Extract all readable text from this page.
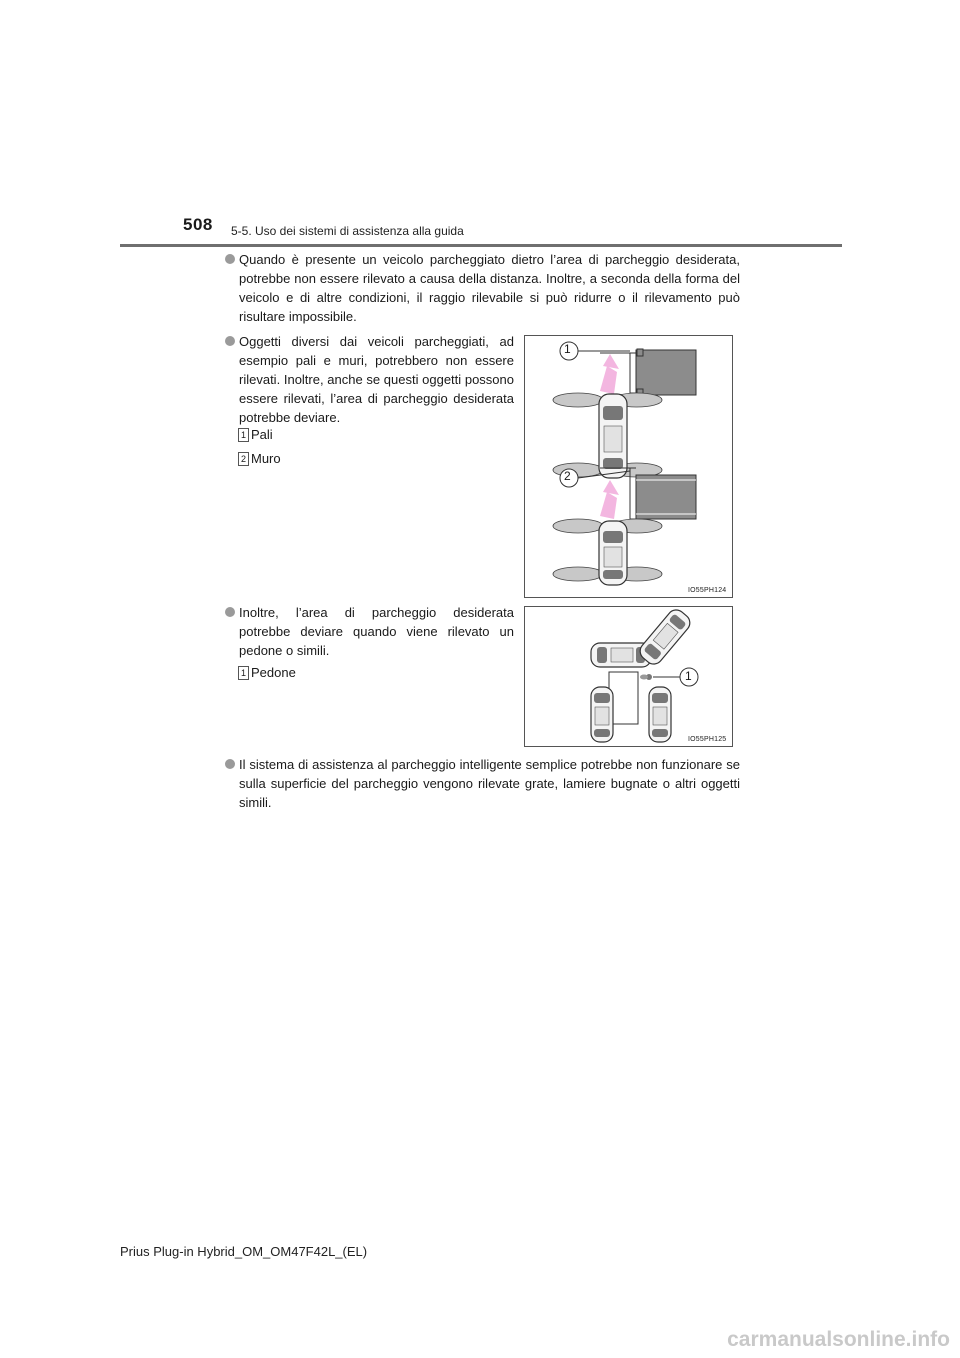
508 5-5. Uso dei sistemi di assistenza alla guida
Quando è presente un veicolo parcheggiato dietro l’area di parcheggio desiderata, potrebbe non essere rilevato a causa della distanza. Inoltre, a seconda della forma del veicolo e di altre condizioni, il raggio rilevabile si può ridurre o il rilevamento può risultare impossibile.
Oggetti diversi dai veicoli parcheggiati, ad esempio pali e muri, potrebbero non essere rilevati. Inoltre, anche se questi oggetti possono essere rilevati, l’area di parcheggio desiderata potrebbe deviare.
1 Pali
2 Muro
1
2
IO55PH124
Inoltre, l’area di parcheggio desiderata potrebbe deviare quando viene rilevato un pedone o simili.
1 Pedone	1
IO55PH125
Il sistema di assistenza al parcheggio intelligente semplice potrebbe non funzionare se sulla superficie del parcheggio vengono rilevate grate, lamiere bugnate o altri oggetti simili.
Prius Plug-in Hybrid_OM_OM47F42L_(EL)
carmanualsonline.info
